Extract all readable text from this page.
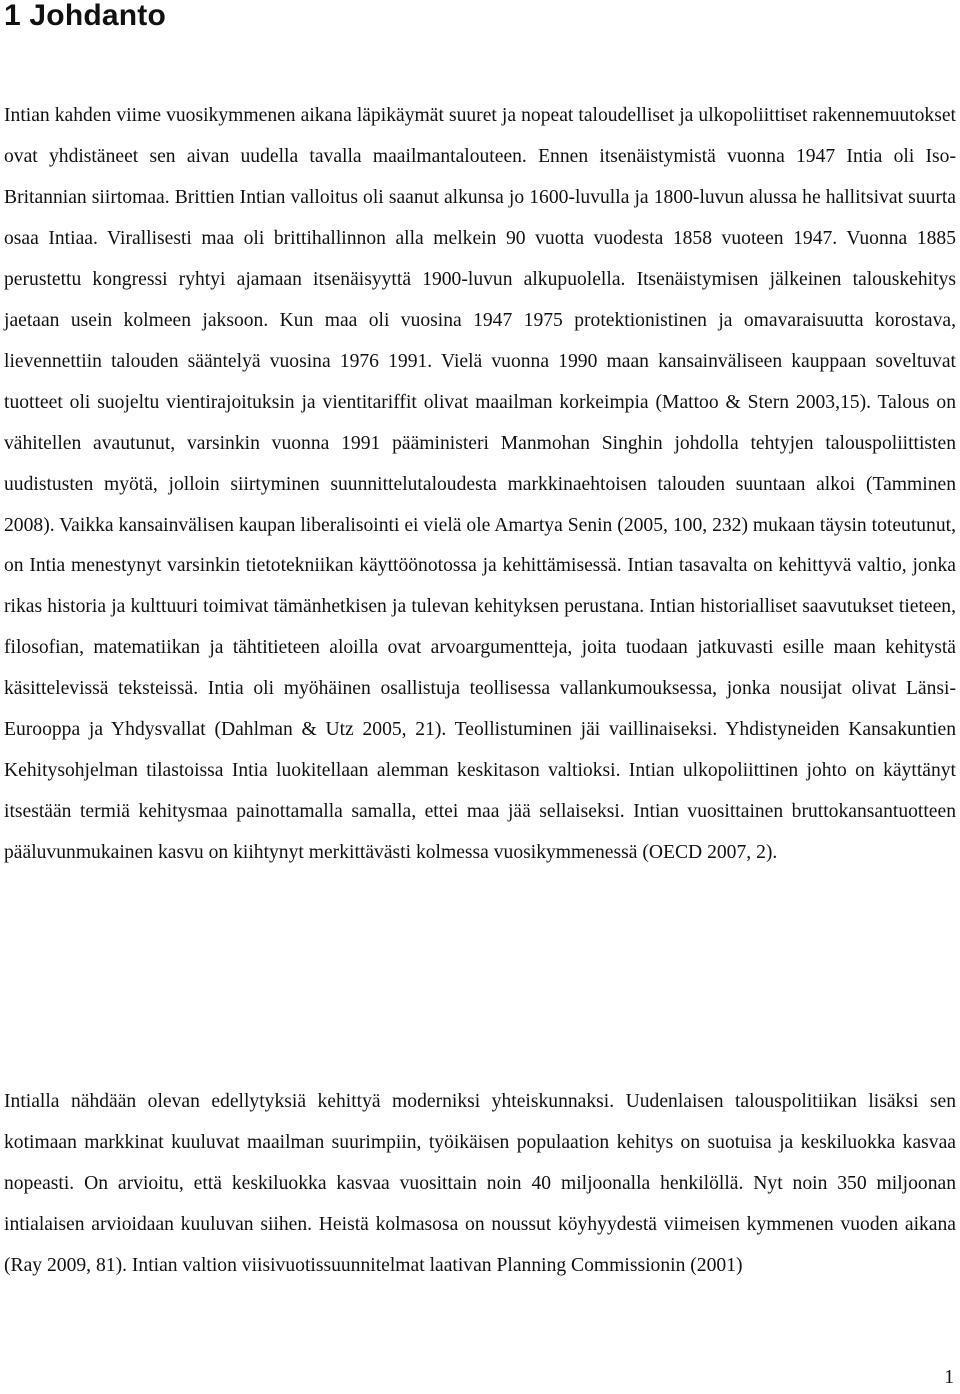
1 Johdanto

Intian kahden viime vuosikymmenen aikana läpikäymät suuret ja nopeat taloudelliset ja ulkopoliittiset rakennemuutokset ovat yhdistäneet sen aivan uudella tavalla maailmantalouteen. Ennen itsenäistymistä vuonna 1947 Intia oli Iso-Britannian siirtomaa. Brittien Intian valloitus oli saanut alkunsa jo 1600-luvulla ja 1800-luvun alussa he hallitsivat suurta osaa Intiaa. Virallisesti maa oli brittihallinnon alla melkein 90 vuotta vuodesta 1858 vuoteen 1947. Vuonna 1885 perustettu kongressi ryhtyi ajamaan itsenäisyyttä 1900-luvun alkupuolella. Itsenäistymisen jälkeinen talouskehitys jaetaan usein kolmeen jaksoon. Kun maa oli vuosina 1947 1975 protektionistinen ja omavaraisuutta korostava, lievennettiin talouden sääntelyä vuosina 1976 1991. Vielä vuonna 1990 maan kansainväliseen kauppaan soveltuvat tuotteet oli suojeltu vientirajoituksin ja vientitariffit olivat maailman korkeimpia (Mattoo & Stern 2003,15). Talous on vähitellen avautunut, varsinkin vuonna 1991 pääministeri Manmohan Singhin johdolla tehtyjen talouspoliittisten uudistusten myötä, jolloin siirtyminen suunnittelutaloudesta markkinaehtoisen talouden suuntaan alkoi (Tamminen 2008). Vaikka kansainvälisen kaupan liberalisointi ei vielä ole Amartya Senin (2005, 100, 232) mukaan täysin toteutunut, on Intia menestynyt varsinkin tietotekniikan käyttöönotossa ja kehittämisessä. Intian tasavalta on kehittyvä valtio, jonka rikas historia ja kulttuuri toimivat tämänhetkisen ja tulevan kehityksen perustana. Intian historialliset saavutukset tieteen, filosofian, matematiikan ja tähtitieteen aloilla ovat arvoargumentteja, joita tuodaan jatkuvasti esille maan kehitystä käsittelevissä teksteissä. Intia oli myöhäinen osallistuja teollisessa vallankumouksessa, jonka nousijat olivat Länsi-Eurooppa ja Yhdysvallat (Dahlman & Utz 2005, 21). Teollistuminen jäi vaillinaiseksi. Yhdistyneiden Kansakuntien Kehitysohjelman tilastoissa Intia luokitellaan alemman keskitason valtioksi. Intian ulkopoliittinen johto on käyttänyt itsestään termiä kehitysmaa painottamalla samalla, ettei maa jää sellaiseksi. Intian vuosittainen bruttokansantuotteen pääluvunmukainen kasvu on kiihtynyt merkittävästi kolmessa vuosikymmenessä (OECD 2007, 2).

Intialla nähdään olevan edellytyksiä kehittyä moderniksi yhteiskunnaksi. Uudenlaisen talouspolitiikan lisäksi sen kotimaan markkinat kuuluvat maailman suurimpiin, työikäisen populaation kehitys on suotuisa ja keskiluokka kasvaa nopeasti. On arvioitu, että keskiluokka kasvaa vuosittain noin 40 miljoonalla henkilöllä. Nyt noin 350 miljoonan intialaisen arvioidaan kuuluvan siihen. Heistä kolmasosa on noussut köyhyydestä viimeisen kymmenen vuoden aikana (Ray 2009, 81). Intian valtion viisivuotissuunnitelmat laativan Planning Commissionin (2001)

1
